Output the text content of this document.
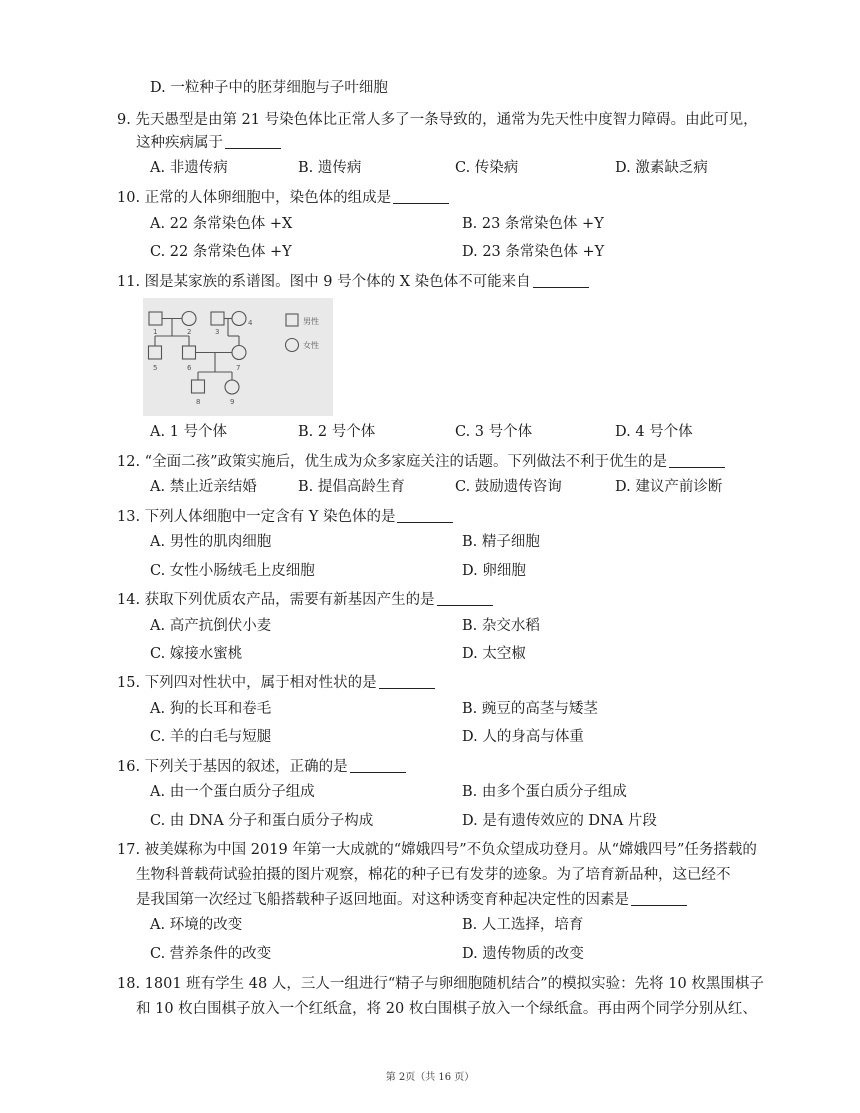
D. 一粒种子中的胚芽细胞与子叶细胞
9. 先天愚型是由第 21 号染色体比正常人多了一条导致的，通常为先天性中度智力障碍。由此可见，
这种疾病属于
A. 非遗传病	B. 遗传病	C. 传染病	D. 激素缺乏病
10. 正常的人体卵细胞中，染色体的组成是
A. 22 条常染色体 +X	B. 23 条常染色体 +Y
C. 22 条常染色体 +Y	D. 23 条常染色体 +Y
11. 图是某家族的系谱图。图中 9 号个体的 X 染色体不可能来自
1	2	3
4
5	6	7
8	9
男性
女性
A. 1 号个体	B. 2 号个体	C. 3 号个体	D. 4 号个体
12. “全面二孩”政策实施后，优生成为众多家庭关注的话题。下列做法不利于优生的是
A. 禁止近亲结婚	B. 提倡高龄生育	C. 鼓励遗传咨询	D. 建议产前诊断
13. 下列人体细胞中一定含有 Y 染色体的是
A. 男性的肌肉细胞	B. 精子细胞
C. 女性小肠绒毛上皮细胞	D. 卵细胞
14. 获取下列优质农产品，需要有新基因产生的是
A. 高产抗倒伏小麦	B. 杂交水稻
C. 嫁接水蜜桃	D. 太空椒
15. 下列四对性状中，属于相对性状的是
A. 狗的长耳和卷毛	B. 豌豆的高茎与矮茎
C. 羊的白毛与短腿	D. 人的身高与体重
16. 下列关于基因的叙述，正确的是
A. 由一个蛋白质分子组成	B. 由多个蛋白质分子组成
C. 由 DNA 分子和蛋白质分子构成	D. 是有遗传效应的 DNA 片段
17. 被美媒称为中国 2019 年第一大成就的“嫦娥四号”不负众望成功登月。从“嫦娥四号”任务搭载的
生物科普载荷试验拍摄的图片观察，棉花的种子已有发芽的迹象。为了培育新品种，这已经不
是我国第一次经过飞船搭载种子返回地面。对这种诱变育种起决定性的因素是
A. 环境的改变	B. 人工选择，培育
C. 营养条件的改变	D. 遗传物质的改变
18. 1801 班有学生 48 人，三人一组进行“精子与卵细胞随机结合”的模拟实验：先将 10 枚黑围棋子
和 10 枚白围棋子放入一个红纸盒，将 20 枚白围棋子放入一个绿纸盒。再由两个同学分别从红、
第 2页（共 16 页）
